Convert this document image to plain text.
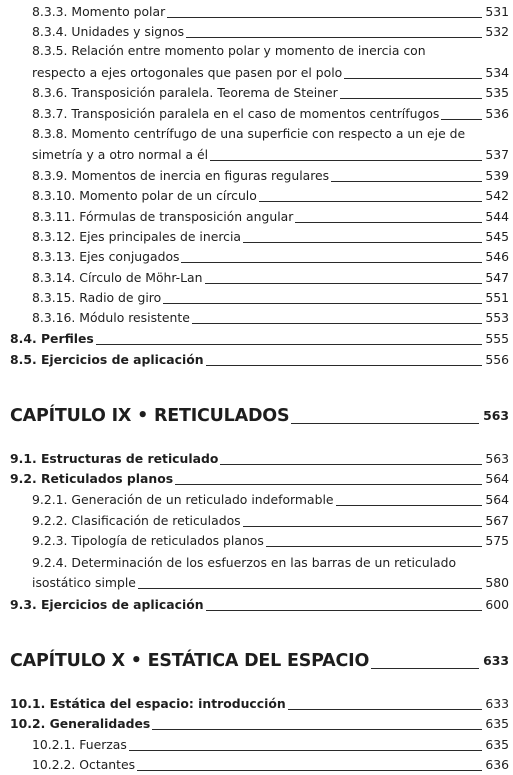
8.3.3. Momento polar	531
8.3.4. Unidades y signos	532
8.3.5. Relación entre momento polar y momento de inercia con
respecto a ejes ortogonales que pasen por el polo	534
8.3.6. Transposición paralela. Teorema de Steiner	535
8.3.7. Transposición paralela en el caso de momentos centrífugos	536
8.3.8. Momento centrífugo de una superficie con respecto a un eje de
simetría y a otro normal a él	537
8.3.9. Momentos de inercia en figuras regulares	539
8.3.10. Momento polar de un círculo	542
8.3.11. Fórmulas de transposición angular	544
8.3.12. Ejes principales de inercia	545
8.3.13. Ejes conjugados	546
8.3.14. Círculo de Möhr-Lan	547
8.3.15. Radio de giro	551
8.3.16. Módulo resistente	553
8.4. Perfiles	555
8.5. Ejercicios de aplicación	556
CAPÍTULO IX • RETICULADOS	563
9.1. Estructuras de reticulado	563
9.2. Reticulados planos	564
9.2.1. Generación de un reticulado indeformable	564
9.2.2. Clasificación de reticulados	567
9.2.3. Tipología de reticulados planos	575
9.2.4. Determinación de los esfuerzos en las barras de un reticulado
isostático simple	580
9.3. Ejercicios de aplicación	600
CAPÍTULO X • ESTÁTICA DEL ESPACIO	633
10.1. Estática del espacio: introducción	633
10.2. Generalidades	635
10.2.1. Fuerzas	635
10.2.2. Octantes	636
